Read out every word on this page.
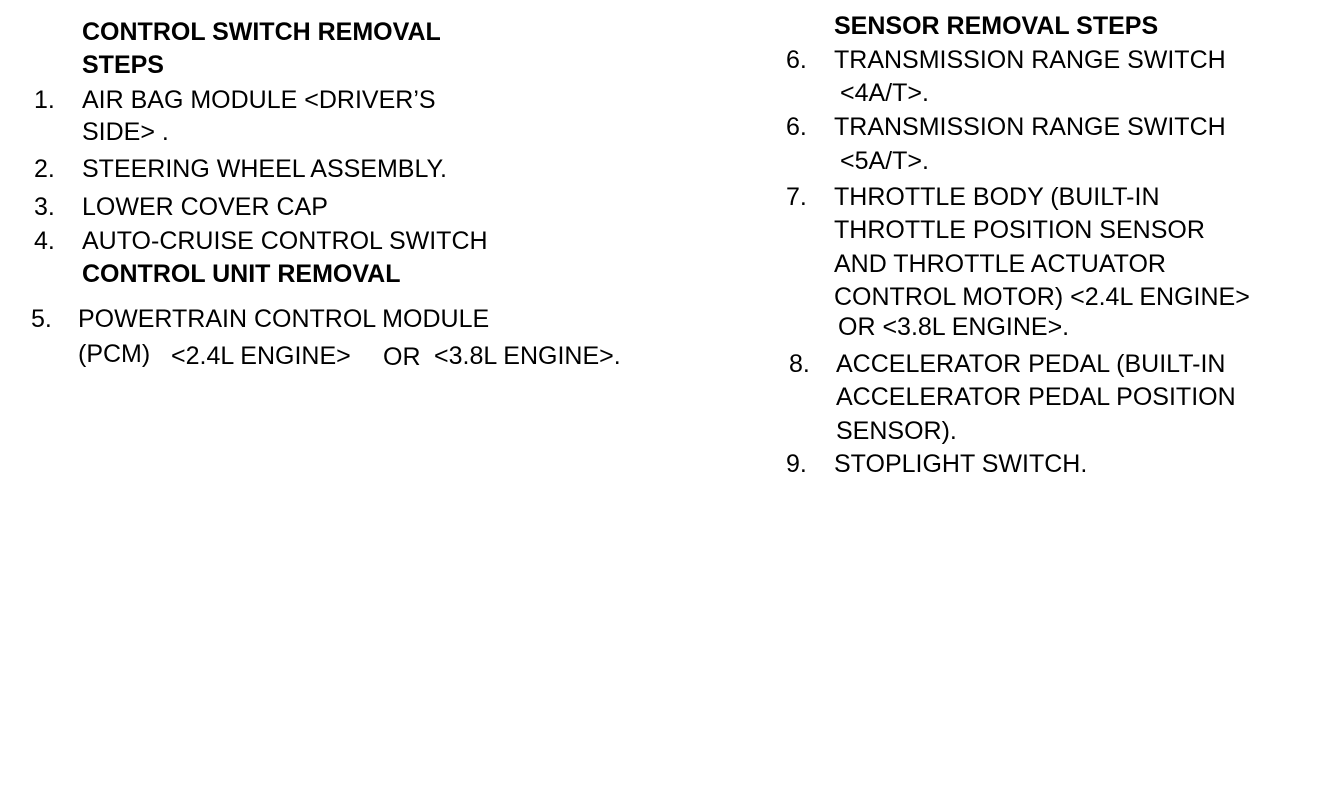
CONTROL SWITCH REMOVAL

STEPS

1. AIR BAG MODULE <DRIVER’S

SIDE> .

2. STEERING WHEEL ASSEMBLY.

3. LOWER COVER CAP

4. AUTO-CRUISE CONTROL SWITCH

CONTROL UNIT REMOVAL

5. POWERTRAIN CONTROL MODULE

(PCM) <2.4L ENGINE> OR <3.8L ENGINE>.

SENSOR REMOVAL STEPS

6. TRANSMISSION RANGE SWITCH

<4A/T>.

6. TRANSMISSION RANGE SWITCH

<5A/T>.

7. THROTTLE BODY (BUILT-IN

THROTTLE POSITION SENSOR

AND THROTTLE ACTUATOR

CONTROL MOTOR) <2.4L ENGINE>

OR <3.8L ENGINE>.

8. ACCELERATOR PEDAL (BUILT-IN

ACCELERATOR PEDAL POSITION

SENSOR).

9. STOPLIGHT SWITCH.
